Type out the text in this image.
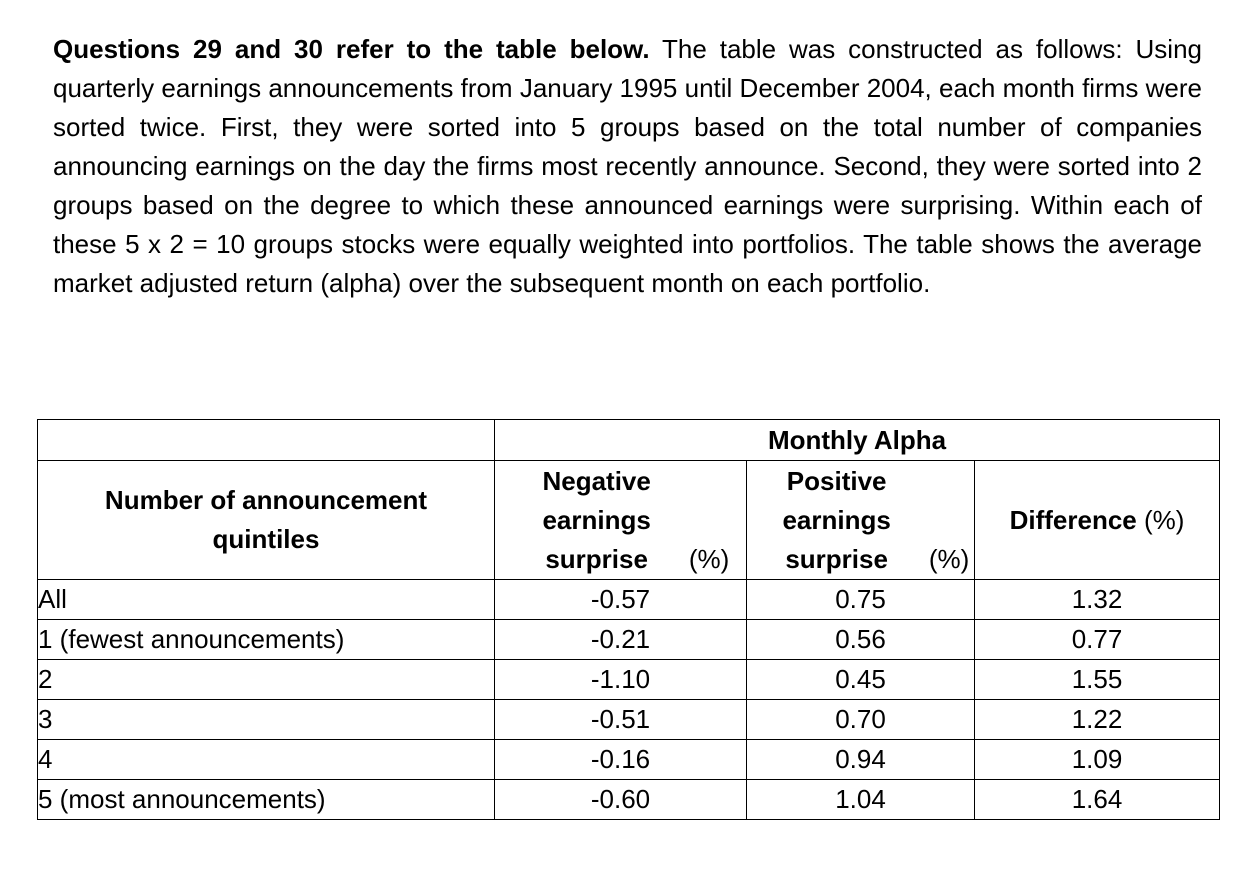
Questions 29 and 30 refer to the table below. The table was constructed as follows: Using quarterly earnings announcements from January 1995 until December 2004, each month firms were sorted twice. First, they were sorted into 5 groups based on the total number of companies announcing earnings on the day the firms most recently announce. Second, they were sorted into 2 groups based on the degree to which these announced earnings were surprising. Within each of these 5 x 2 = 10 groups stocks were equally weighted into portfolios. The table shows the average market adjusted return (alpha) over the subsequent month on each portfolio.

	Monthly Alpha		
Number of announcement quintiles	Negative earnings surprise (%)	Positive earnings surprise (%)	Difference (%)
All	-0.57	0.75	1.32
1 (fewest announcements)	-0.21	0.56	0.77
2	-1.10	0.45	1.55
3	-0.51	0.70	1.22
4	-0.16	0.94	1.09
5 (most announcements)	-0.60	1.04	1.64
